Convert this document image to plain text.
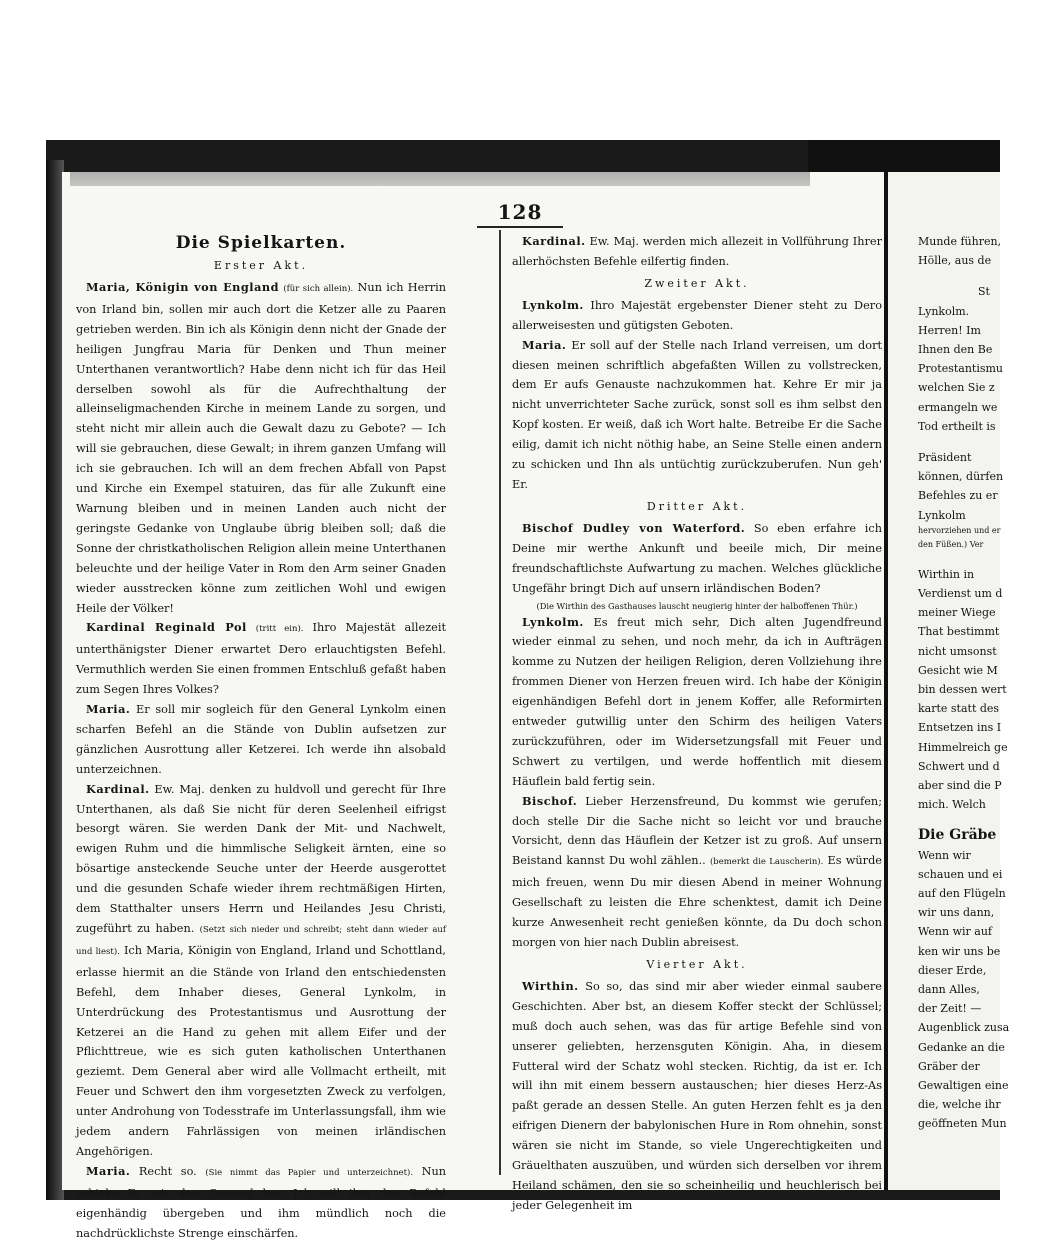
128
Die Spielkarten.
Erster Akt.

Maria, Königin von England (für sich allein). Nun ich Herrin von Irland bin, sollen mir auch dort die Ketzer alle zu Paaren getrieben werden. Bin ich als Königin denn nicht der Gnade der heiligen Jungfrau Maria für Denken und Thun meiner Unterthanen verantwortlich? Habe denn nicht ich für das Heil derselben sowohl als für die Aufrechthaltung der alleinseligmachenden Kirche in meinem Lande zu sorgen, und steht nicht mir allein auch die Gewalt dazu zu Gebote? — Ich will sie gebrauchen, diese Gewalt; in ihrem ganzen Umfang will ich sie gebrauchen. Ich will an dem frechen Abfall von Papst und Kirche ein Exempel statuiren, das für alle Zukunft eine Warnung bleiben und in meinen Landen auch nicht der geringste Gedanke von Unglaube übrig bleiben soll; daß die Sonne der christkatholischen Religion allein meine Unterthanen beleuchte und der heilige Vater in Rom den Arm seiner Gnaden wieder ausstrecken könne zum zeitlichen Wohl und ewigen Heile der Völker!

Kardinal Reginald Pol (tritt ein). Ihro Majestät allezeit unterthänigster Diener erwartet Dero erlauchtigsten Befehl. Vermuthlich werden Sie einen frommen Entschluß gefaßt haben zum Segen Ihres Volkes?

Maria. Er soll mir sogleich für den General Lynkolm einen scharfen Befehl an die Stände von Dublin aufsetzen zur gänzlichen Ausrottung aller Ketzerei. Ich werde ihn alsobald unterzeichnen.

Kardinal. Ew. Maj. denken zu huldvoll und gerecht für Ihre Unterthanen, als daß Sie nicht für deren Seelenheil eifrigst besorgt wären. Sie werden Dank der Mit- und Nachwelt, ewigen Ruhm und die himmlische Seligkeit ärnten, eine so bösartige ansteckende Seuche unter der Heerde ausgerottet und die gesunden Schafe wieder ihrem rechtmäßigen Hirten, dem Statthalter unsers Herrn und Heilandes Jesu Christi, zugeführt zu haben. (Setzt sich nieder und schreibt; steht dann wieder auf und liest). Ich Maria, Königin von England, Irland und Schottland, erlasse hiermit an die Stände von Irland den entschiedensten Befehl, dem Inhaber dieses, General Lynkolm, in Unterdrückung des Protestantismus und Ausrottung der Ketzerei an die Hand zu gehen mit allem Eifer und der Pflichttreue, wie es sich guten katholischen Unterthanen geziemt. Dem General aber wird alle Vollmacht ertheilt, mit Feuer und Schwert den ihm vorgesetzten Zweck zu verfolgen, unter Androhung von Todesstrafe im Unterlassungsfall, ihm wie jedem andern Fahrlässigen von meinen irländischen Angehörigen.

Maria. Recht so. (Sie nimmt das Papier und unterzeichnet). Nun schicke Er mir den General her. Ich will ihm den Befehl eigenhändig übergeben und ihm mündlich noch die nachdrücklichste Strenge einschärfen.

Kardinal. Ew. Maj. werden mich allezeit in Vollführung Ihrer allerhöchsten Befehle eilfertig finden.

Zweiter Akt.

Lynkolm. Ihro Majestät ergebenster Diener steht zu Dero allerweisesten und gütigsten Geboten.

Maria. Er soll auf der Stelle nach Irland verreisen, um dort diesen meinen schriftlich abgefaßten Willen zu vollstrecken, dem Er aufs Genauste nachzukommen hat. Kehre Er mir ja nicht unverrichteter Sache zurück, sonst soll es ihm selbst den Kopf kosten. Er weiß, daß ich Wort halte. Betreibe Er die Sache eilig, damit ich nicht nöthig habe, an Seine Stelle einen andern zu schicken und Ihn als untüchtig zurückzuberufen. Nun geh' Er.

Dritter Akt.

Bischof Dudley von Waterford. So eben erfahre ich Deine mir werthe Ankunft und beeile mich, Dir meine freundschaftlichste Aufwartung zu machen. Welches glückliche Ungefähr bringt Dich auf unsern irländischen Boden?

(Die Wirthin des Gasthauses lauscht neugierig hinter der halboffenen Thür.)

Lynkolm. Es freut mich sehr, Dich alten Jugendfreund wieder einmal zu sehen, und noch mehr, da ich in Aufträgen komme zu Nutzen der heiligen Religion, deren Vollziehung ihre frommen Diener von Herzen freuen wird. Ich habe der Königin eigenhändigen Befehl dort in jenem Koffer, alle Reformirten entweder gutwillig unter den Schirm des heiligen Vaters zurückzuführen, oder im Widersetzungsfall mit Feuer und Schwert zu vertilgen, und werde hoffentlich mit diesem Häuflein bald fertig sein.

Bischof. Lieber Herzensfreund, Du kommst wie gerufen; doch stelle Dir die Sache nicht so leicht vor und brauche Vorsicht, denn das Häuflein der Ketzer ist zu groß. Auf unsern Beistand kannst Du wohl zählen.. (bemerkt die Lauscherin). Es würde mich freuen, wenn Du mir diesen Abend in meiner Wohnung Gesellschaft zu leisten die Ehre schenktest, damit ich Deine kurze Anwesenheit recht genießen könnte, da Du doch schon morgen von hier nach Dublin abreisest.

Vierter Akt.

Wirthin. So so, das sind mir aber wieder einmal saubere Geschichten. Aber bst, an diesem Koffer steckt der Schlüssel; muß doch auch sehen, was das für artige Befehle sind von unserer geliebten, herzensguten Königin. Aha, in diesem Futteral wird der Schatz wohl stecken. Richtig, da ist er. Ich will ihn mit einem bessern austauschen; hier dieses Herz-As paßt gerade an dessen Stelle. An guten Herzen fehlt es ja den eifrigen Dienern der babylonischen Hure in Rom ohnehin, sonst wären sie nicht im Stande, so viele Ungerechtigkeiten und Gräuelthaten auszuüben, und würden sich derselben vor ihrem Heiland schämen, den sie so scheinheilig und heuchlerisch bei jeder Gelegenheit im

Munde führen,
Hölle, aus de
St
Lynkolm.
Herren! Im
Ihnen den Be
Protestantismu
welchen Sie z
ermangeln we
Tod ertheilt is
Präsident
können, dürfen
Befehles zu er
Lynkolm
hervorziehen und er
den Füßen.) Ver
Wirthin in
Verdienst um d
meiner Wiege
That bestimmt
nicht umsonst
Gesicht wie M
bin dessen wert
karte statt des
Entsetzen ins I
Himmelreich ge
Schwert und d
aber sind die P
mich. Welch
Die Gräbe
Wenn wir
schauen und ei
auf den Flügeln
wir uns dann,
Wenn wir auf
ken wir uns be
dieser Erde,
dann Alles,
der Zeit! —
Augenblick zusa
Gedanke an die
Gräber der
Gewaltigen eine
die, welche ihr
geöffneten Mun
